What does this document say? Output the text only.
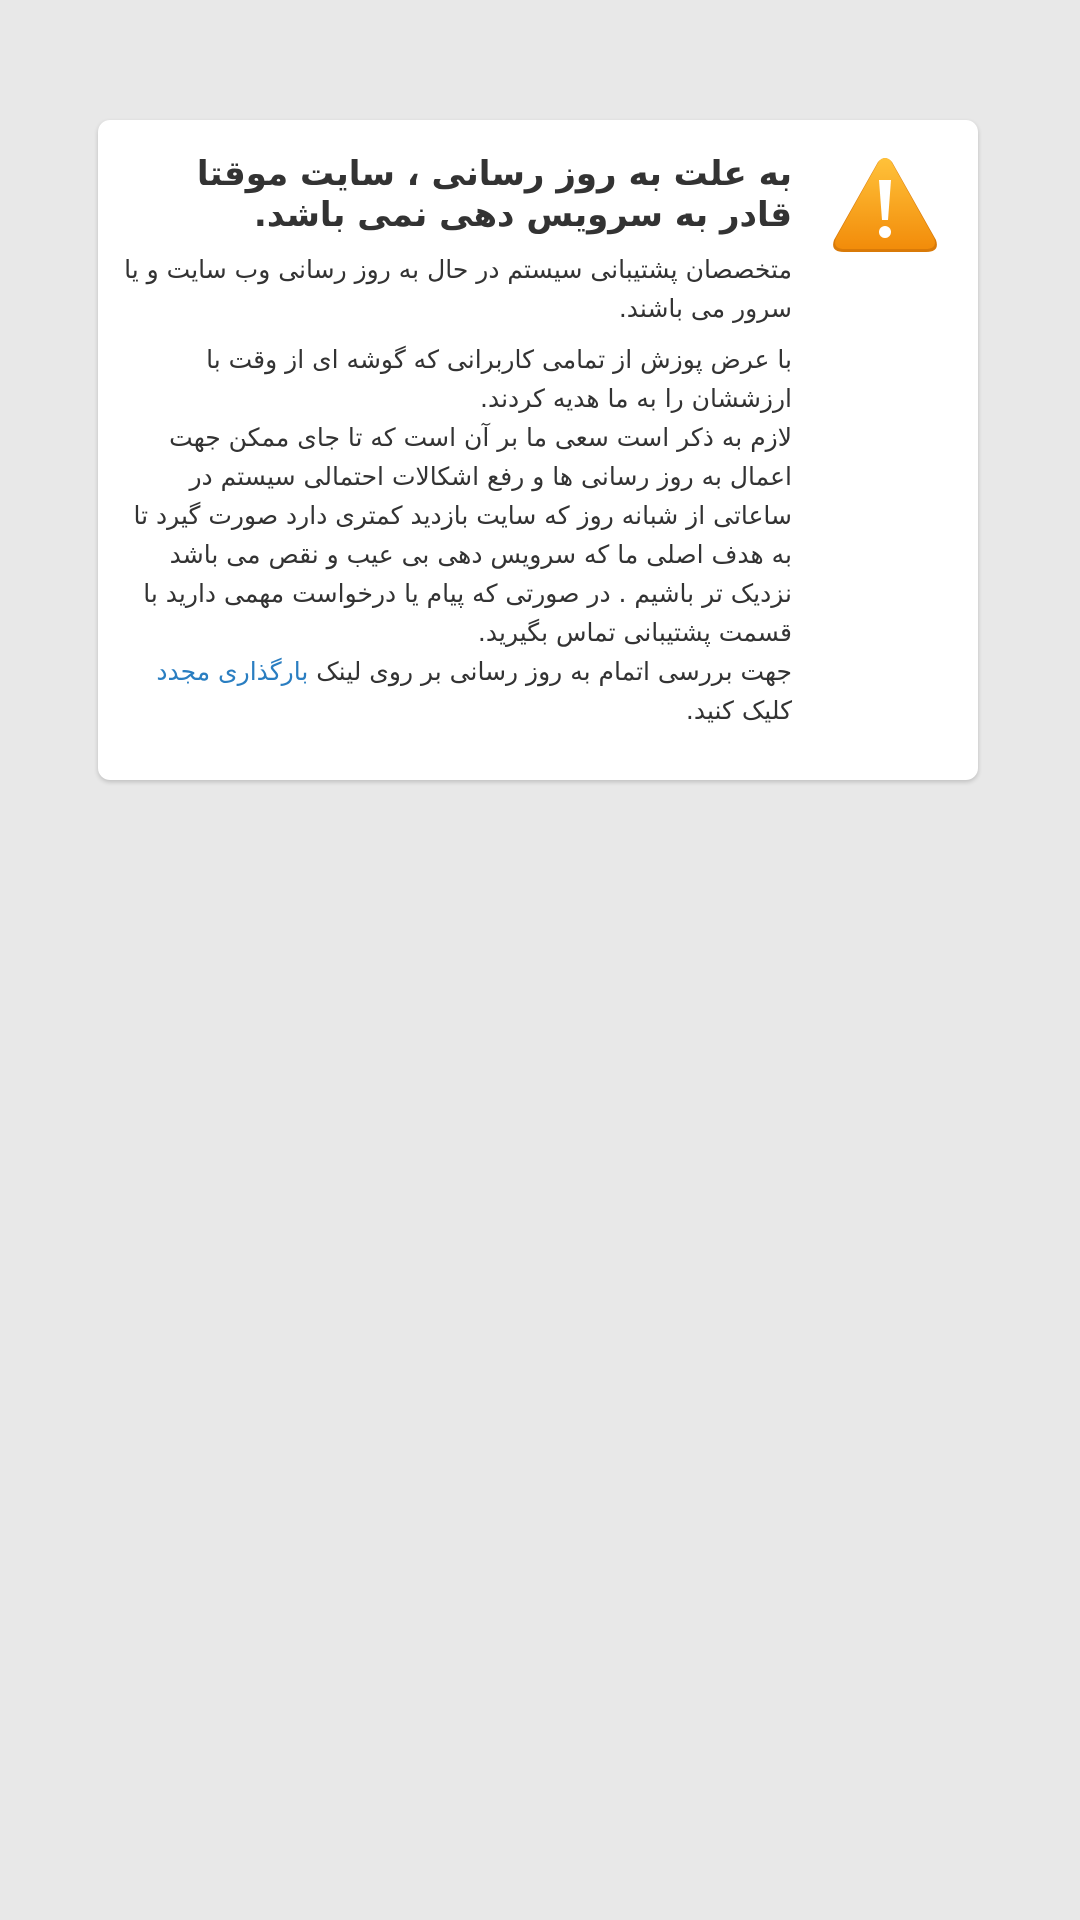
به علت به روز رسانی ، سایت موقتا قادر به سرویس دهی نمی باشد.

متخصصان پشتیبانی سیستم در حال به روز رسانی وب سایت و یا سرور می باشند.

با عرض پوزش از تمامی کاربرانی که گوشه ای از وقت با ارزششان را به ما هدیه کردند.

لازم به ذکر است سعی ما بر آن است که تا جای ممکن جهت اعمال به روز رسانی ها و رفع اشکالات احتمالی سیستم در ساعاتی از شبانه روز که سایت بازدید کمتری دارد صورت گیرد تا به هدف اصلی ما که سرویس دهی بی عیب و نقص می باشد نزدیک تر باشیم . در صورتی که پیام یا درخواست مهمی دارید با قسمت پشتیبانی تماس بگیرید.

جهت بررسی اتمام به روز رسانی بر روی لینک بارگذاری مجدد کلیک کنید.
